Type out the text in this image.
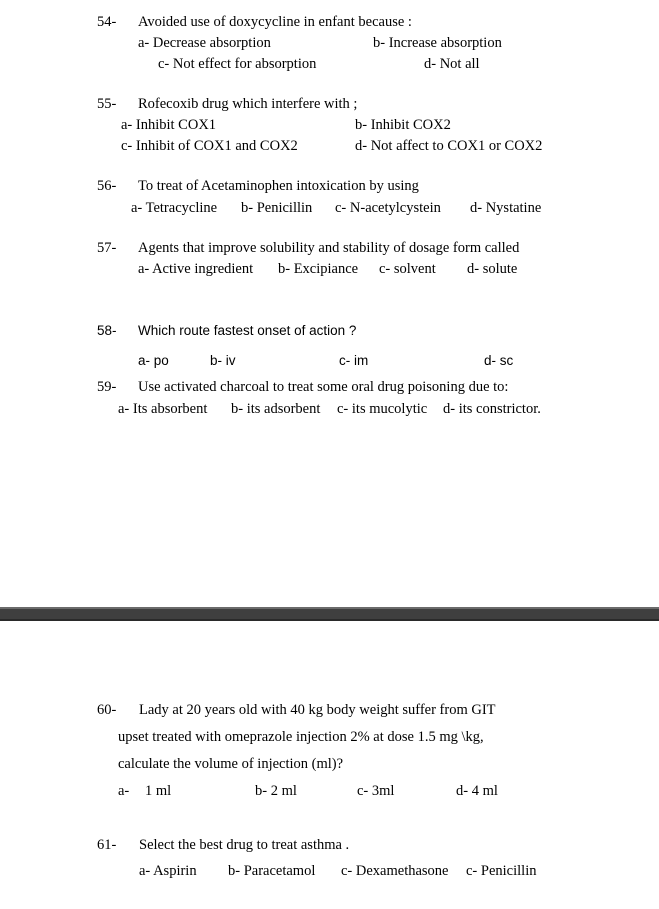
54- Avoided use of doxycycline in enfant because :
a- Decrease absorption	b- Increase absorption
c- Not effect for absorption	d- Not all
55- Rofecoxib drug which interfere with ;
a- Inhibit COX1	b- Inhibit COX2
c- Inhibit of COX1 and COX2	d- Not affect to COX1 or COX2
56- To treat of Acetaminophen intoxication by using
a- Tetracycline b- Penicillin c- N-acetylcystein d- Nystatine
57- Agents that improve solubility and stability of dosage form called
a- Active ingredient b- Excipiance c- solvent d- solute
58- Which route fastest onset of action ?
a- po	b- iv	c- im	d- sc
59- Use activated charcoal to treat some oral drug poisoning due to:
a- Its absorbent b- its adsorbent c- its mucolytic d- its constrictor.
60- Lady at 20 years old with 40 kg body weight suffer from GIT
upset treated with omeprazole injection 2% at dose 1.5 mg \kg,
calculate the volume of injection (ml)?
a- 1 ml	b- 2 ml	c- 3ml	d- 4 ml
61- Select the best drug to treat asthma .
a- Aspirin b- Paracetamol c- Dexamethasone c- Penicillin
